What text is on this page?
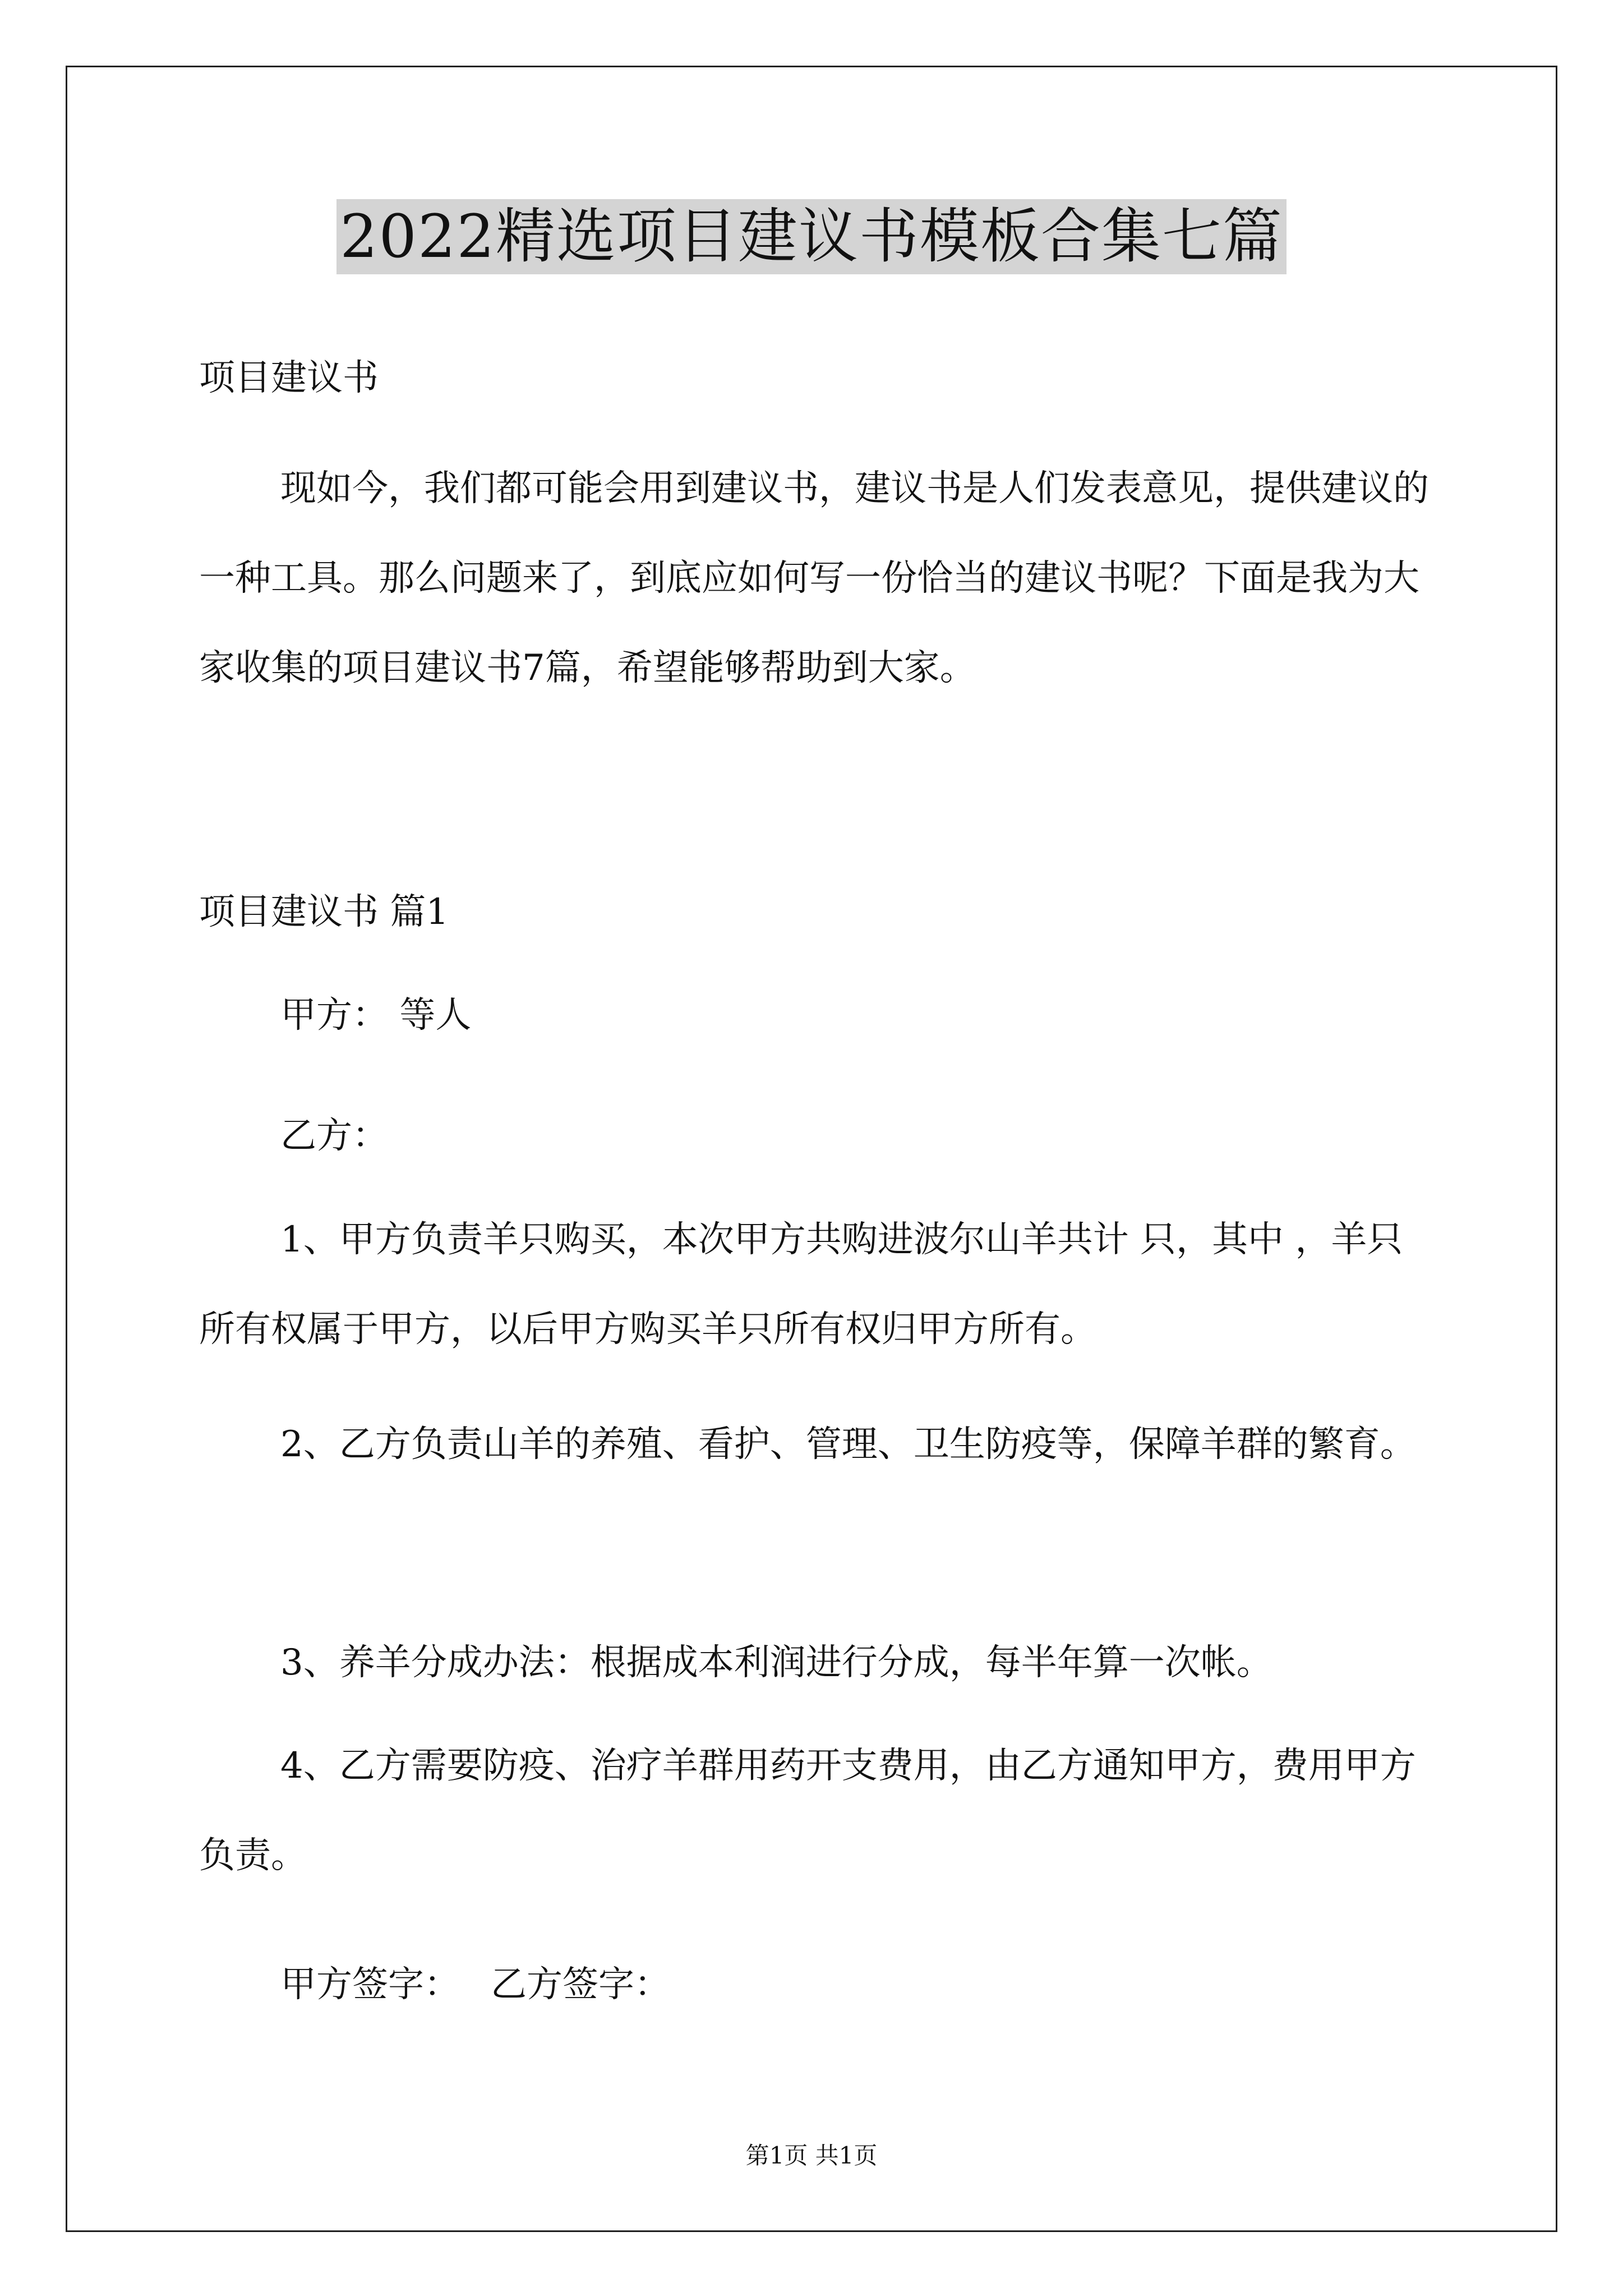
2022精选项目建议书模板合集七篇

项目建议书

现如今，我们都可能会用到建议书，建议书是人们发表意见，提供建议的一种工具。那么问题来了，到底应如何写一份恰当的建议书呢？下面是我为大家收集的项目建议书7篇，希望能够帮助到大家。

项目建议书 篇1

甲方： 等人

乙方：

1、甲方负责羊只购买，本次甲方共购进波尔山羊共计 只，其中 ，羊只所有权属于甲方，以后甲方购买羊只所有权归甲方所有。

2、乙方负责山羊的养殖、看护、管理、卫生防疫等，保障羊群的繁育。

3、养羊分成办法：根据成本利润进行分成，每半年算一次帐。

4、乙方需要防疫、治疗羊群用药开支费用，由乙方通知甲方，费用甲方负责。

甲方签字： 乙方签字：

第1页 共1页
